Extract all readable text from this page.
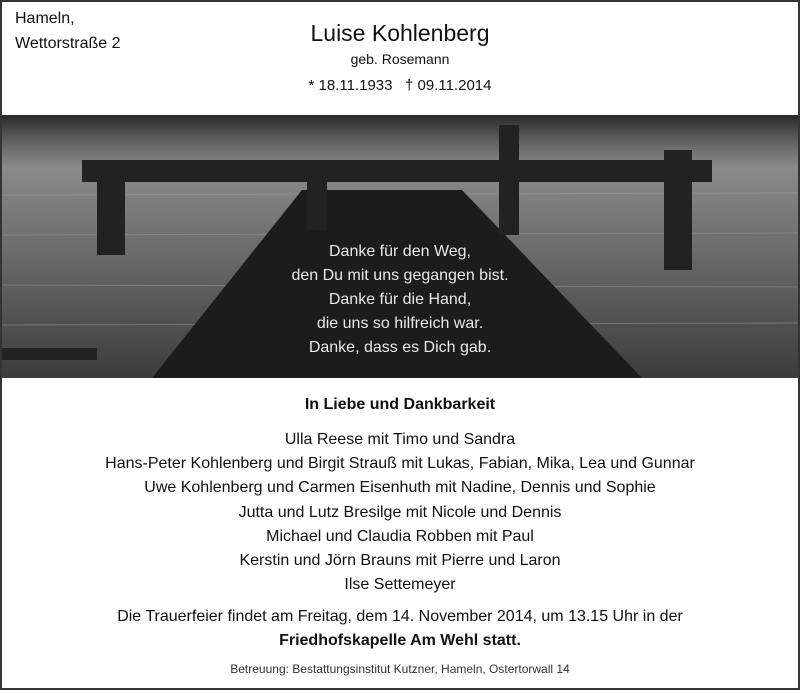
Hameln,
Wettorstraße 2	Luise Kohlenberg
geb. Rosemann
* 18.11.1933   † 09.11.2014
Danke für den Weg,
den Du mit uns gegangen bist.
Danke für die Hand,
die uns so hilfreich war.
Danke, dass es Dich gab.
In Liebe und Dankbarkeit
Ulla Reese mit Timo und Sandra
Hans-Peter Kohlenberg und Birgit Strauß mit Lukas, Fabian, Mika, Lea und Gunnar
Uwe Kohlenberg und Carmen Eisenhuth mit Nadine, Dennis und Sophie
Jutta und Lutz Bresilge mit Nicole und Dennis
Michael und Claudia Robben mit Paul
Kerstin und Jörn Brauns mit Pierre und Laron
Ilse Settemeyer
Die Trauerfeier findet am Freitag, dem 14. November 2014, um 13.15 Uhr in der
Friedhofskapelle Am Wehl statt.
Betreuung: Bestattungsinstitut Kutzner, Hameln, Ostertorwall 14
